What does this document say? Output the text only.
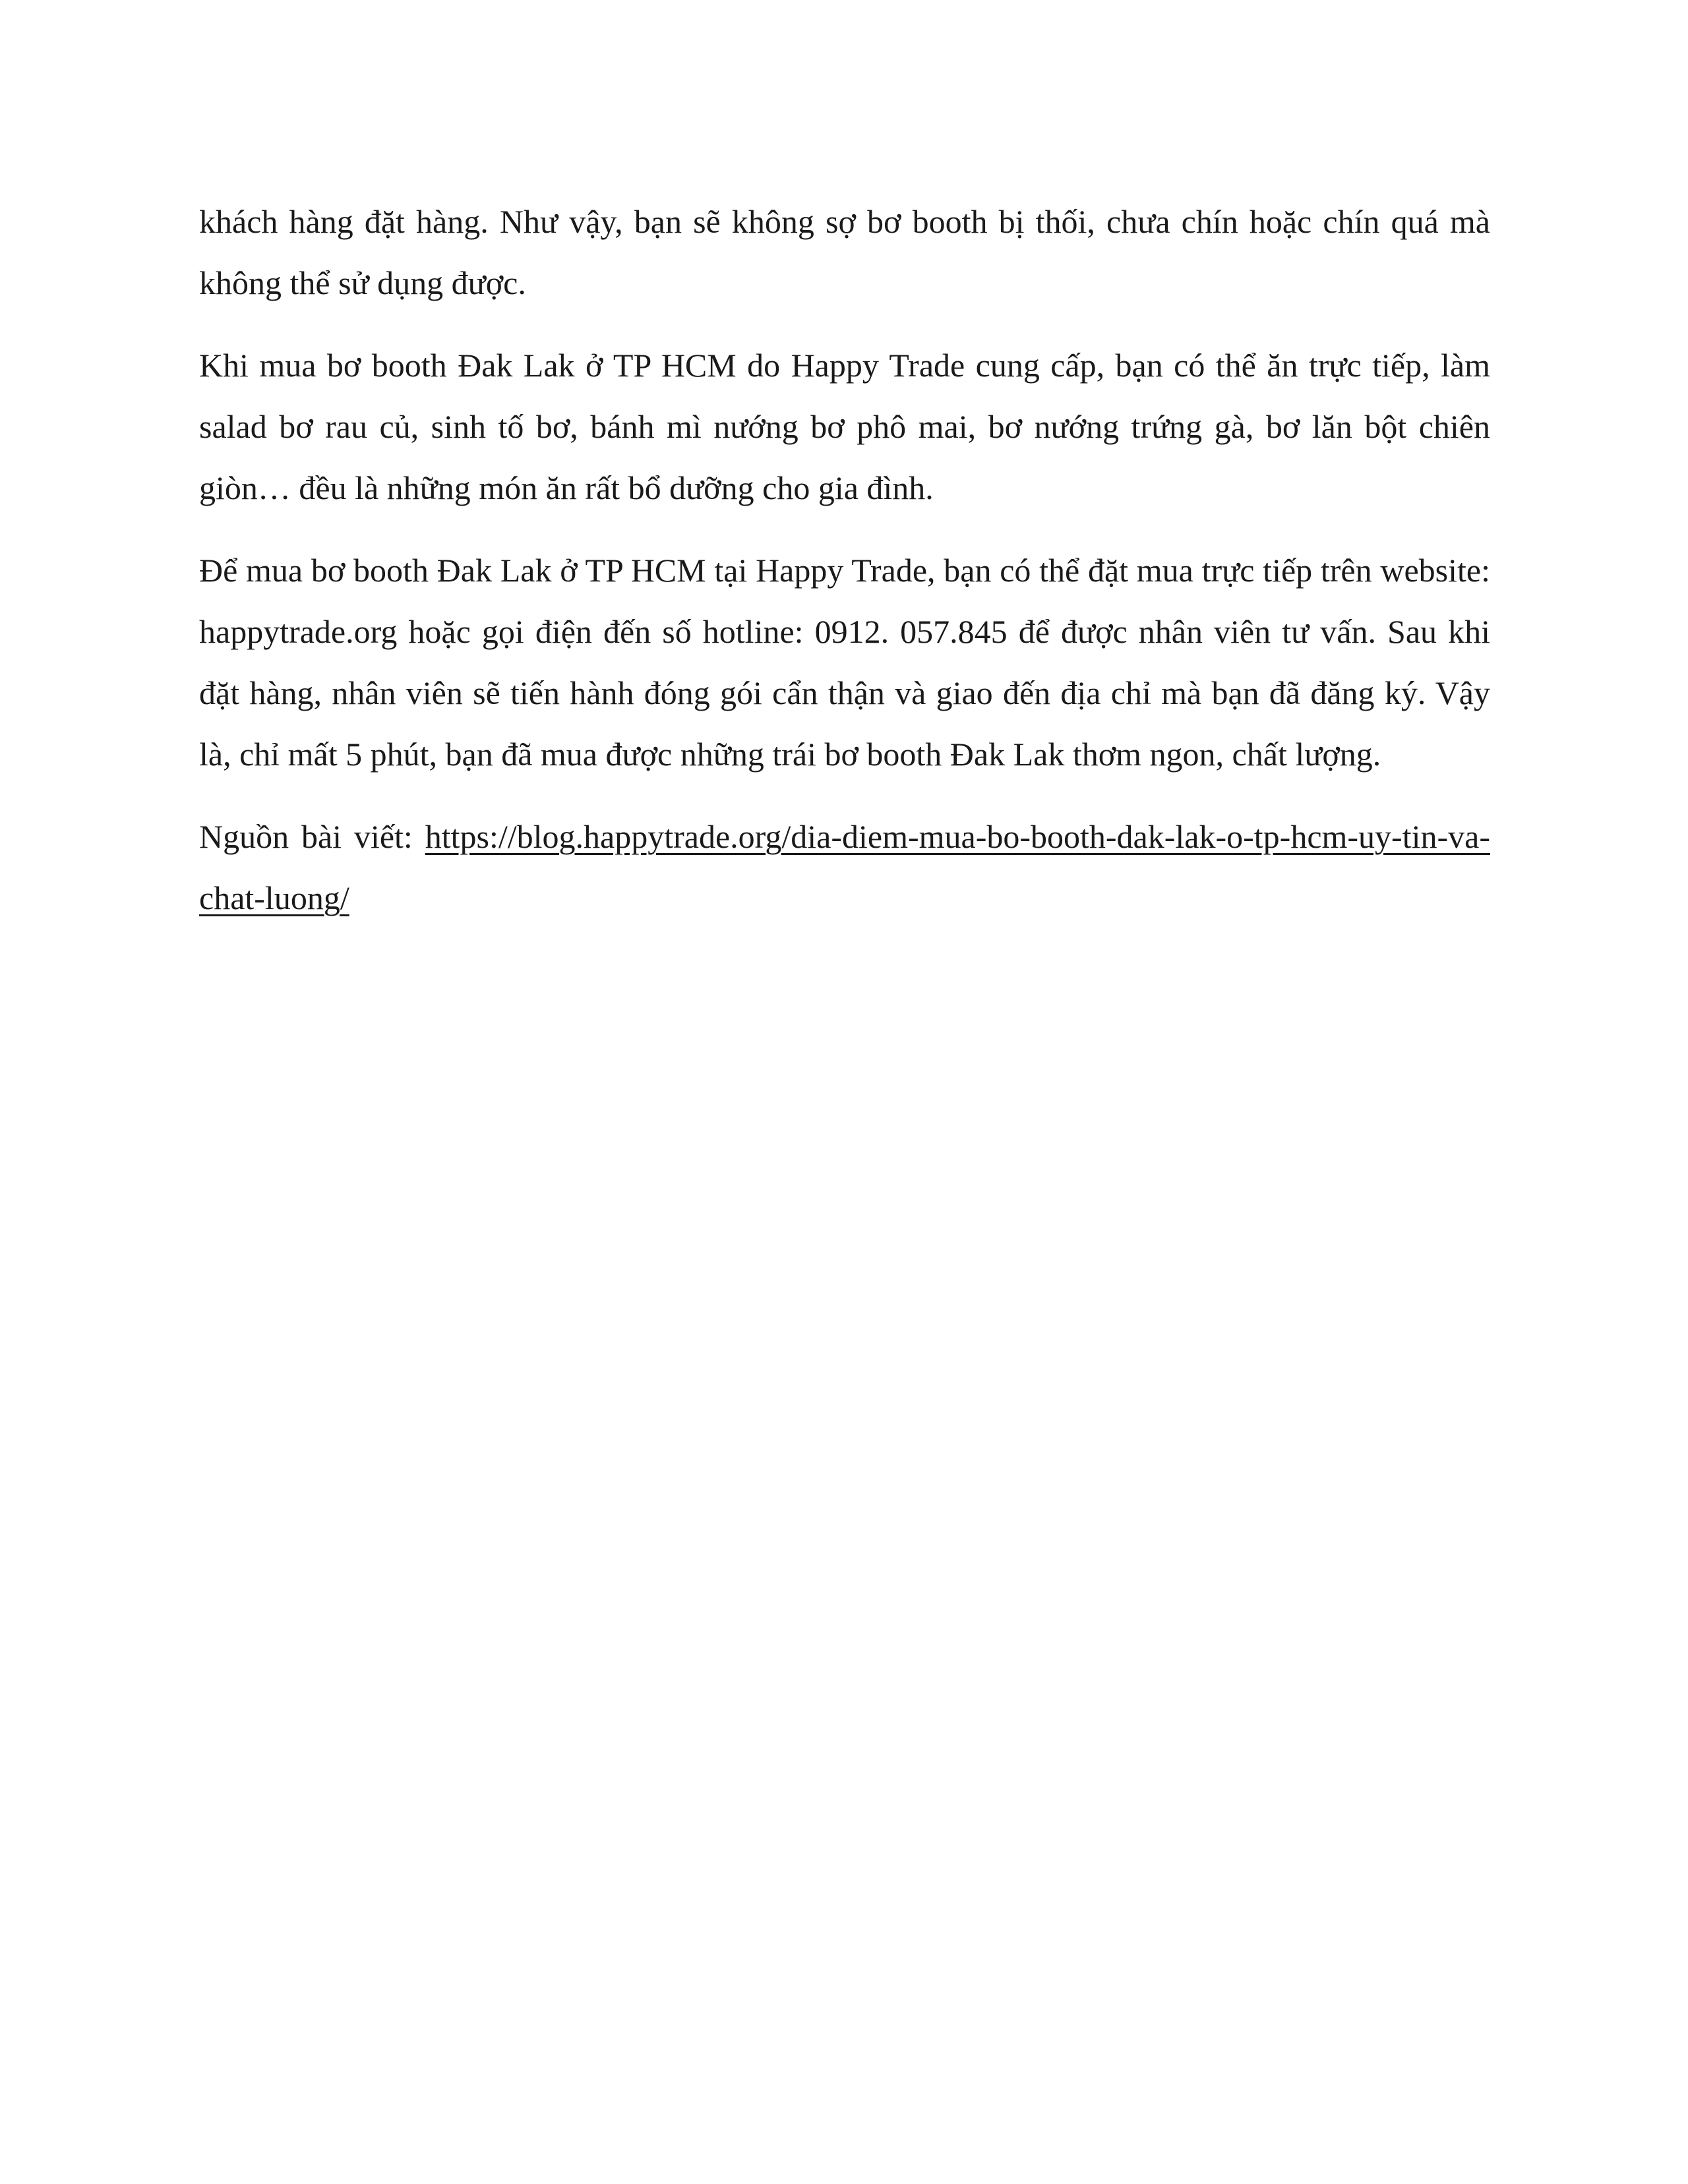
khách hàng đặt hàng. Như vậy, bạn sẽ không sợ bơ booth bị thối, chưa chín hoặc chín quá mà không thể sử dụng được.

Khi mua bơ booth Đak Lak ở TP HCM do Happy Trade cung cấp, bạn có thể ăn trực tiếp, làm salad bơ rau củ, sinh tố bơ, bánh mì nướng bơ phô mai, bơ nướng trứng gà, bơ lăn bột chiên giòn… đều là những món ăn rất bổ dưỡng cho gia đình.

Để mua bơ booth Đak Lak ở TP HCM tại Happy Trade, bạn có thể đặt mua trực tiếp trên website: happytrade.org hoặc gọi điện đến số hotline: 0912. 057.845 để được nhân viên tư vấn. Sau khi đặt hàng, nhân viên sẽ tiến hành đóng gói cẩn thận và giao đến địa chỉ mà bạn đã đăng ký. Vậy là, chỉ mất 5 phút, bạn đã mua được những trái bơ booth Đak Lak thơm ngon, chất lượng.

Nguồn bài viết: https://blog.happytrade.org/dia-diem-mua-bo-booth-dak-lak-o-tp-hcm-uy-tin-va-chat-luong/
